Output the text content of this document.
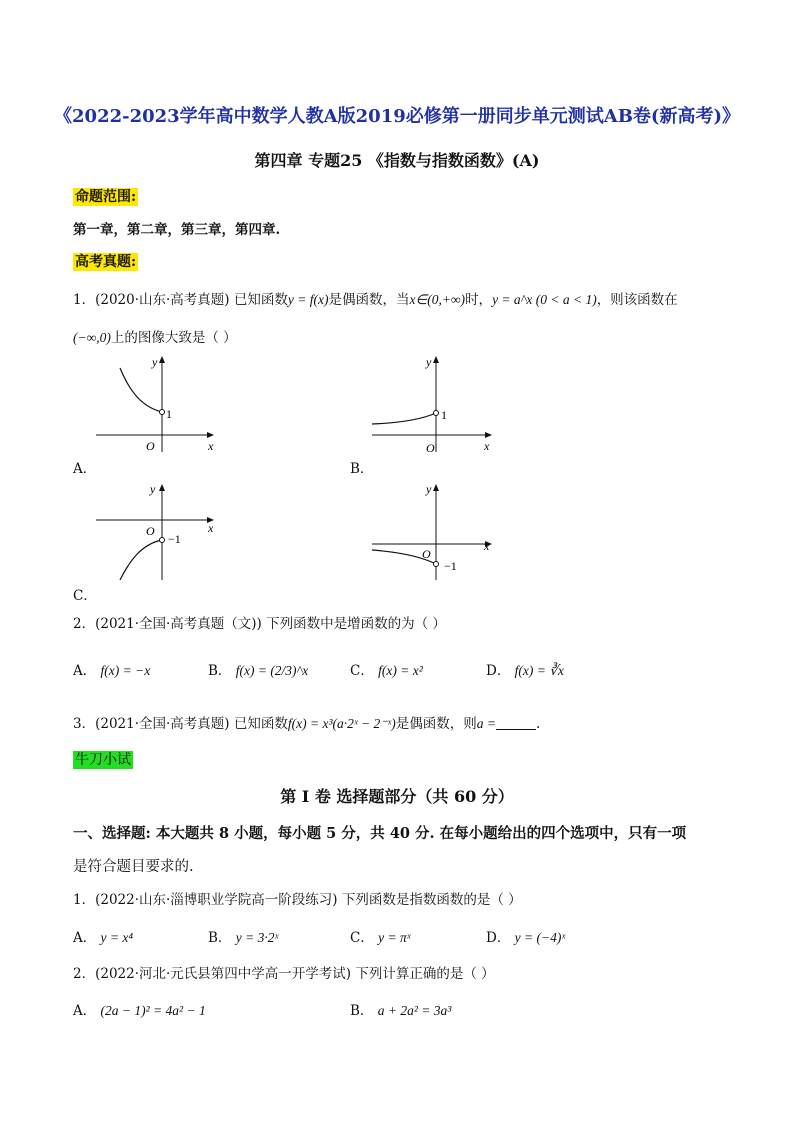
《2022-2023学年高中数学人教A版2019必修第一册同步单元测试AB卷(新高考)》
第四章 专题25 《指数与指数函数》(A)
命题范围:
第一章，第二章，第三章，第四章.
高考真题:
1．(2020·山东·高考真题) 已知函数y = f(x)是偶函数，当x∈(0,+∞)时，y = a^x (0 < a < 1)，则该函数在
(−∞,0)上的图像大致是（ ）
y
x
O
1
A．
y
x
O
1
B．
y
x
O
−1
C．
y
x
O
−1
2．(2021·全国·高考真题（文)) 下列函数中是增函数的为（ ）
A． f(x) = −x	B． f(x) = (2/3)^x	C． f(x) = x²	D． f(x) = ∛x
3．(2021·全国·高考真题) 已知函数f(x) = x³(a·2ˣ − 2⁻ˣ)是偶函数，则a =	.
牛刀小试
第 I 卷 选择题部分（共 60 分）
一、选择题: 本大题共 8 小题，每小题 5 分，共 40 分. 在每小题给出的四个选项中，只有一项
是符合题目要求的.
1．(2022·山东·淄博职业学院高一阶段练习) 下列函数是指数函数的是（ ）
A． y = x⁴	B． y = 3·2ˣ	C． y = πˣ	D． y = (−4)ˣ
2．(2022·河北·元氏县第四中学高一开学考试) 下列计算正确的是（ ）
A． (2a − 1)² = 4a² − 1	B． a + 2a² = 3a³
